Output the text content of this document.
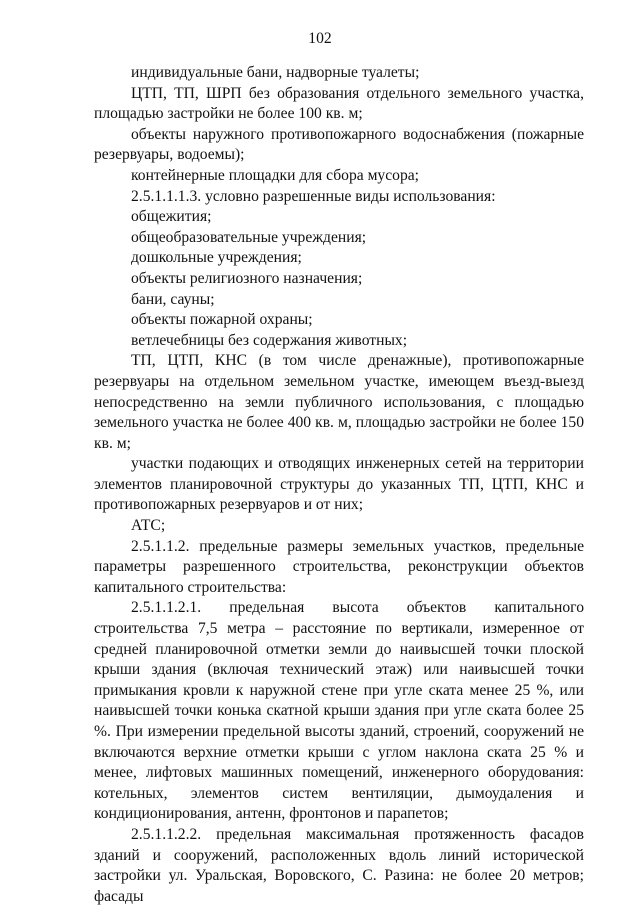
102

индивидуальные бани, надворные туалеты;

ЦТП, ТП, ШРП без образования отдельного земельного участка, площадью застройки не более 100 кв. м;

объекты наружного противопожарного водоснабжения (пожарные резервуары, водоемы);

контейнерные площадки для сбора мусора;

2.5.1.1.1.3. условно разрешенные виды использования:

общежития;

общеобразовательные учреждения;

дошкольные учреждения;

объекты религиозного назначения;

бани, сауны;

объекты пожарной охраны;

ветлечебницы без содержания животных;

ТП, ЦТП, КНС (в том числе дренажные), противопожарные резервуары на отдельном земельном участке, имеющем въезд-выезд непосредственно на земли публичного использования, с площадью земельного участка не более 400 кв. м, площадью застройки не более 150 кв. м;

участки подающих и отводящих инженерных сетей на территории элементов планировочной структуры до указанных ТП, ЦТП, КНС и противопожарных резервуаров и от них;

АТС;

2.5.1.1.2. предельные размеры земельных участков, предельные параметры разрешенного строительства, реконструкции объектов капитального строительства:

2.5.1.1.2.1. предельная высота объектов капитального строительства 7,5 метра – расстояние по вертикали, измеренное от средней планировочной отметки земли до наивысшей точки плоской крыши здания (включая технический этаж) или наивысшей точки примыкания кровли к наружной стене при угле ската менее 25 %, или наивысшей точки конька скатной крыши здания при угле ската более 25 %. При измерении предельной высоты зданий, строений, сооружений не включаются верхние отметки крыши с углом наклона ската 25 % и менее, лифтовых машинных помещений, инженерного оборудования: котельных, элементов систем вентиляции, дымоудаления и кондиционирования, антенн, фронтонов и парапетов;

2.5.1.1.2.2. предельная максимальная протяженность фасадов зданий и сооружений, расположенных вдоль линий исторической застройки ул. Уральская, Воровского, С. Разина: не более 20 метров; фасады
